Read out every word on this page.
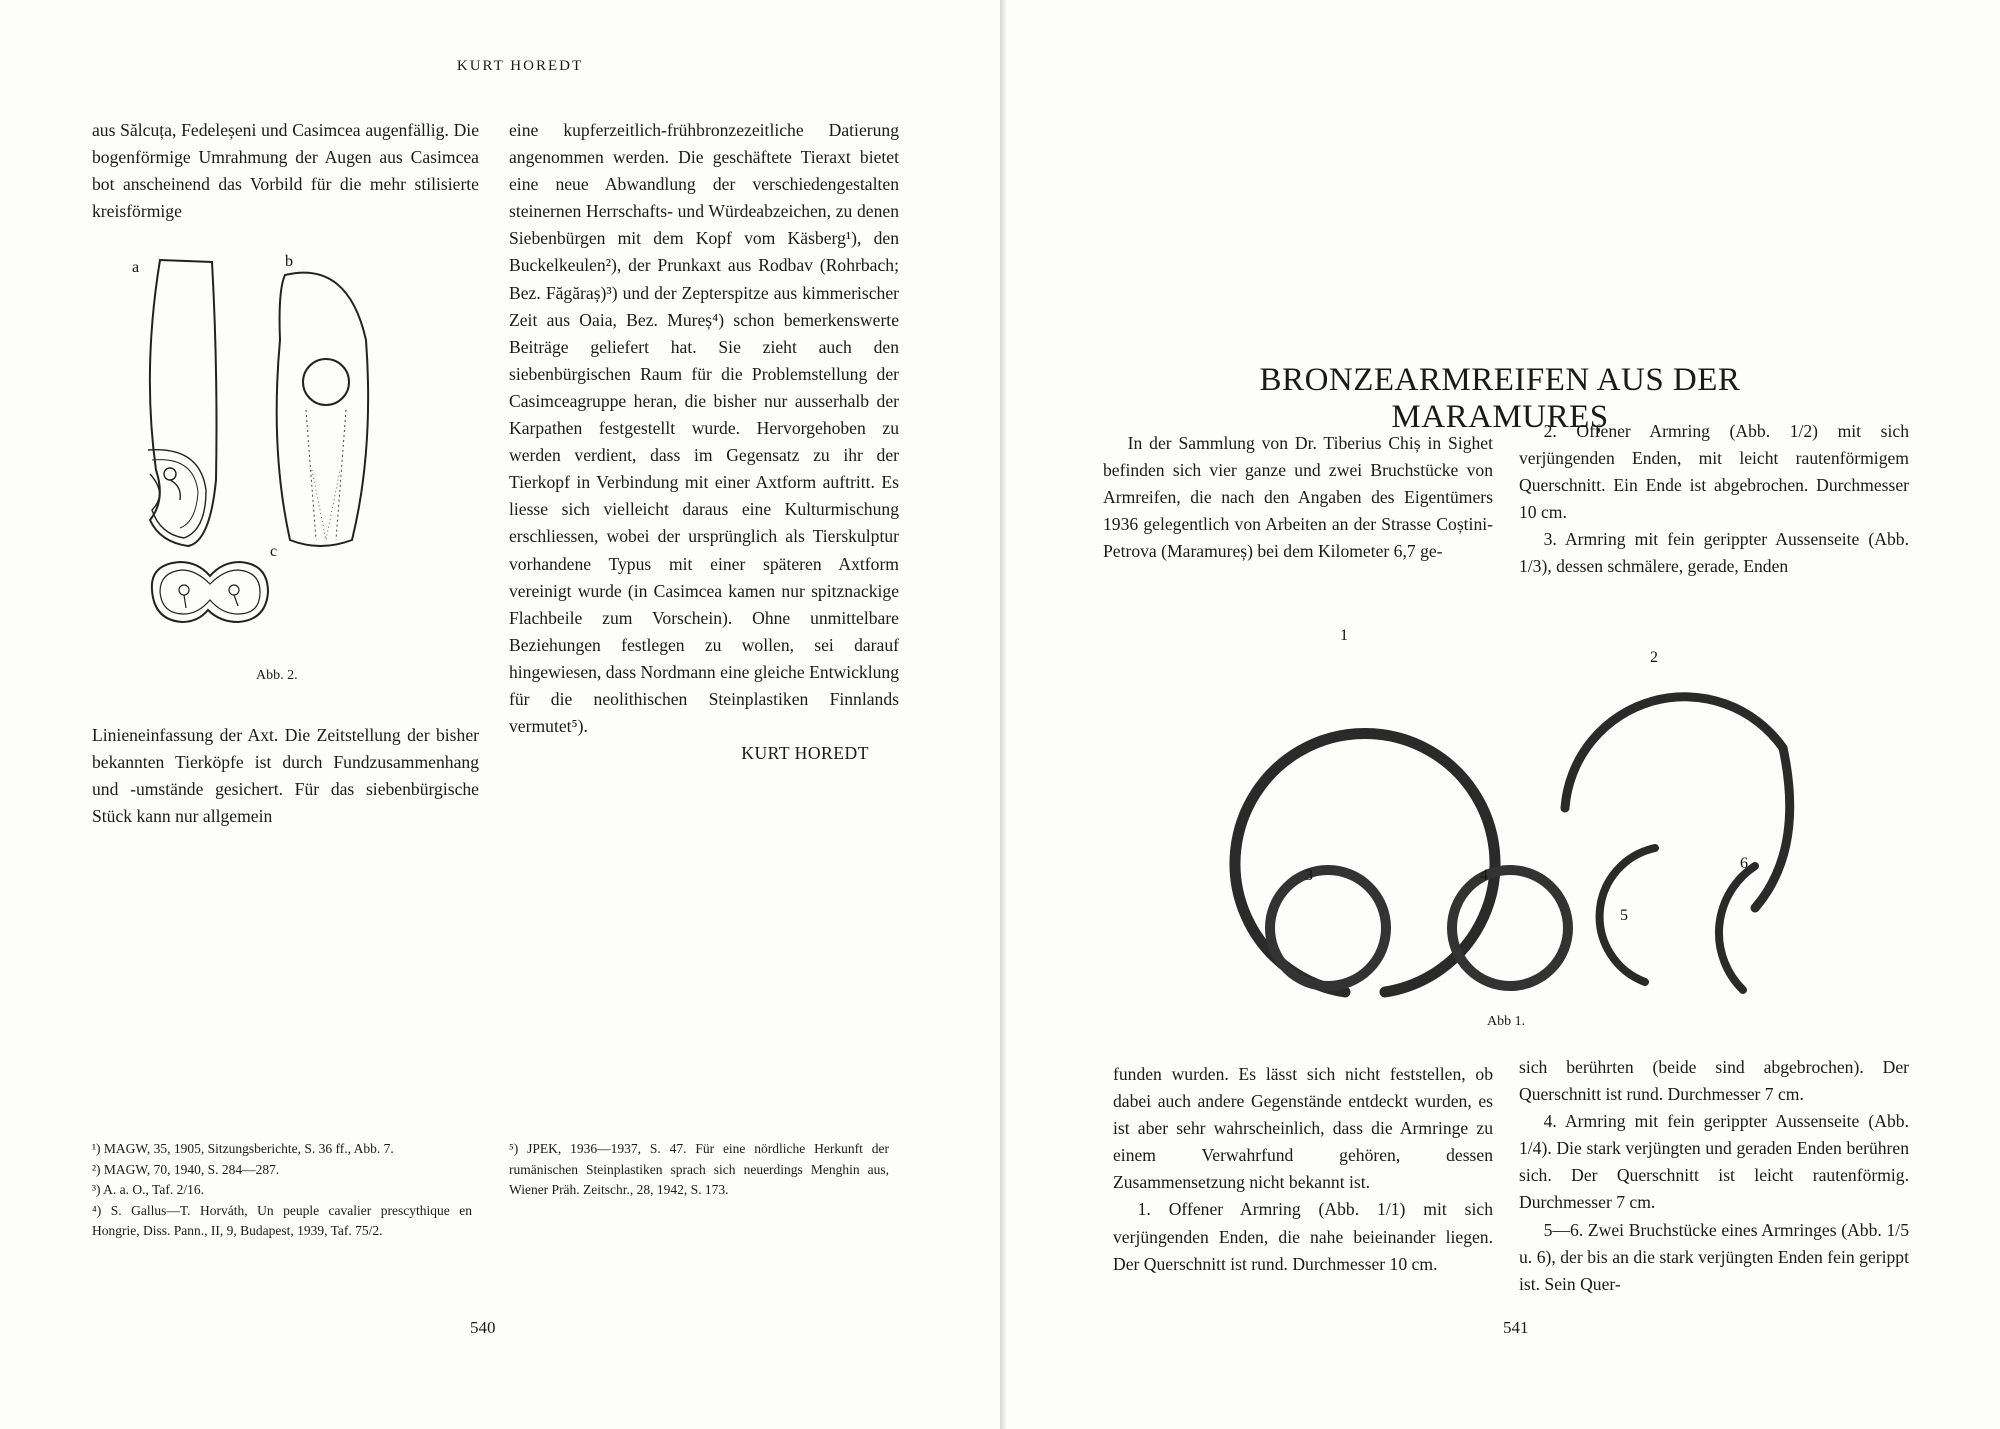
KURT HOREDT

aus Sălcuța, Fedeleșeni und Casimcea augenfällig. Die bogenförmige Umrahmung der Augen aus Casimcea bot anscheinend das Vorbild für die mehr stilisierte kreisförmige

a	b
c
Abb. 2.

Linieneinfassung der Axt. Die Zeitstellung der bisher bekannten Tierköpfe ist durch Fundzusammenhang und -umstände gesichert. Für das siebenbürgische Stück kann nur allgemein

eine kupferzeitlich-frühbronzezeitliche Datierung angenommen werden. Die geschäftete Tieraxt bietet eine neue Abwandlung der verschiedengestalten steinernen Herrschafts- und Würdeabzeichen, zu denen Siebenbürgen mit dem Kopf vom Käsberg¹), den Buckelkeulen²), der Prunkaxt aus Rodbav (Rohrbach; Bez. Făgăraș)³) und der Zepterspitze aus kimmerischer Zeit aus Oaia, Bez. Mureș⁴) schon bemerkenswerte Beiträge geliefert hat. Sie zieht auch den siebenbürgischen Raum für die Problemstellung der Casimceagruppe heran, die bisher nur ausserhalb der Karpathen festgestellt wurde. Hervorgehoben zu werden verdient, dass im Gegensatz zu ihr der Tierkopf in Verbindung mit einer Axtform auftritt. Es liesse sich vielleicht daraus eine Kulturmischung erschliessen, wobei der ursprünglich als Tierskulptur vorhandene Typus mit einer späteren Axtform vereinigt wurde (in Casimcea kamen nur spitznackige Flachbeile zum Vorschein). Ohne unmittelbare Beziehungen festlegen zu wollen, sei darauf hingewiesen, dass Nordmann eine gleiche Entwicklung für die neolithischen Steinplastiken Finnlands vermutet⁵).

KURT HOREDT

¹) MAGW, 35, 1905, Sitzungsberichte, S. 36 ff., Abb. 7.

²) MAGW, 70, 1940, S. 284—287.

³) A. a. O., Taf. 2/16.

⁴) S. Gallus—T. Horváth, Un peuple cavalier prescythique en Hongrie, Diss. Pann., II, 9, Budapest, 1939, Taf. 75/2.

⁵) JPEK, 1936—1937, S. 47. Für eine nördliche Herkunft der rumänischen Steinplastiken sprach sich neuerdings Menghin aus, Wiener Präh. Zeitschr., 28, 1942, S. 173.

540
BRONZEARMREIFEN AUS DER MARAMUREȘ

In der Sammlung von Dr. Tiberius Chiș in Sighet befinden sich vier ganze und zwei Bruchstücke von Armreifen, die nach den Angaben des Eigentümers 1936 gelegentlich von Arbeiten an der Strasse Coștini-Petrova (Maramureș) bei dem Kilometer 6,7 ge-

2. Offener Armring (Abb. 1/2) mit sich verjüngenden Enden, mit leicht rautenförmigem Querschnitt. Ein Ende ist abgebrochen. Durchmesser 10 cm.

3. Armring mit fein gerippter Aussenseite (Abb. 1/3), dessen schmälere, gerade, Enden

1
2
3	4
5
6
Abb 1.

funden wurden. Es lässt sich nicht feststellen, ob dabei auch andere Gegenstände entdeckt wurden, es ist aber sehr wahrscheinlich, dass die Armringe zu einem Verwahrfund gehören, dessen Zusammensetzung nicht bekannt ist.

1. Offener Armring (Abb. 1/1) mit sich verjüngenden Enden, die nahe beieinander liegen. Der Querschnitt ist rund. Durchmesser 10 cm.

sich berührten (beide sind abgebrochen). Der Querschnitt ist rund. Durchmesser 7 cm.

4. Armring mit fein gerippter Aussenseite (Abb. 1/4). Die stark verjüngten und geraden Enden berühren sich. Der Querschnitt ist leicht rautenförmig. Durchmesser 7 cm.

5—6. Zwei Bruchstücke eines Armringes (Abb. 1/5 u. 6), der bis an die stark verjüngten Enden fein gerippt ist. Sein Quer-

541
